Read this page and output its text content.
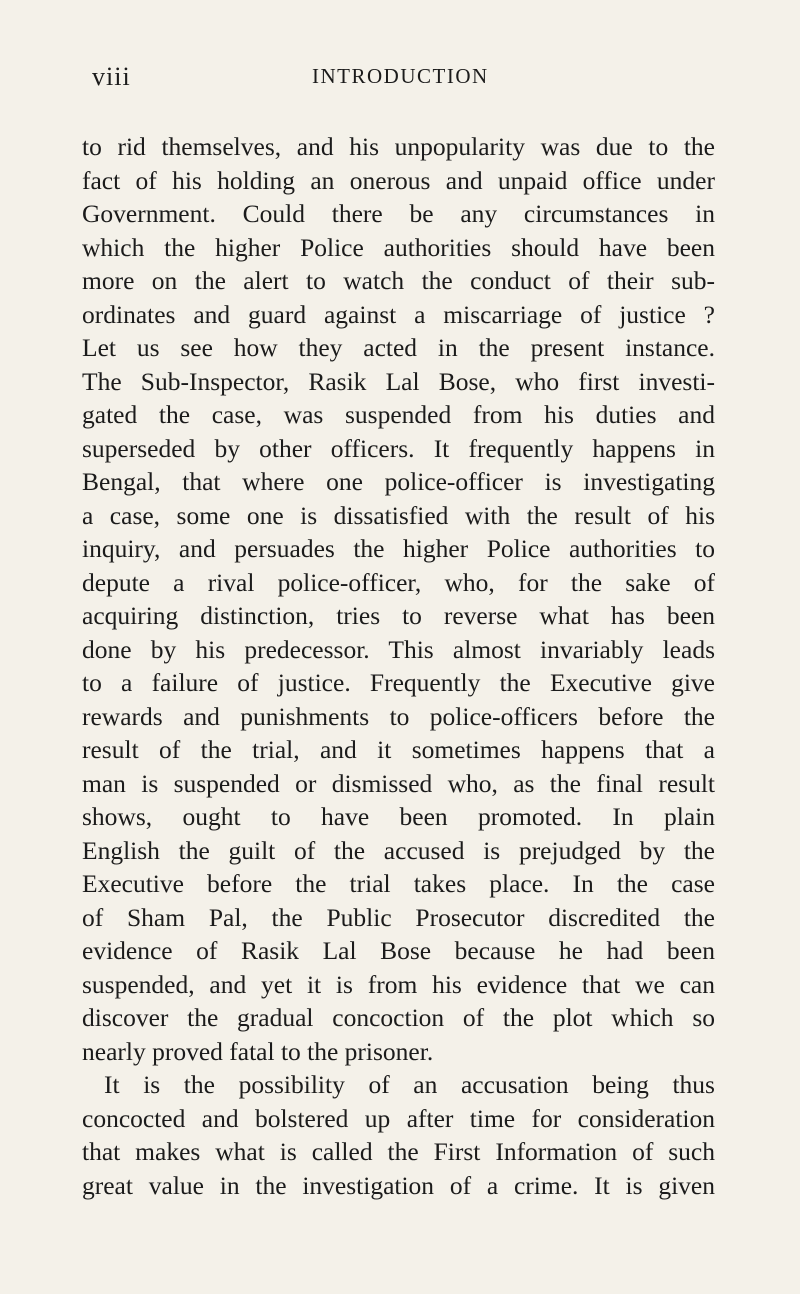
viii	INTRODUCTION
to rid themselves, and his unpopularity was due to the
fact of his holding an onerous and unpaid office under
Government. Could there be any circumstances in
which the higher Police authorities should have been
more on the alert to watch the conduct of their sub-
ordinates and guard against a miscarriage of justice ?
Let us see how they acted in the present instance.
The Sub-Inspector, Rasik Lal Bose, who first investi-
gated the case, was suspended from his duties and
superseded by other officers. It frequently happens in
Bengal, that where one police-officer is investigating
a case, some one is dissatisfied with the result of his
inquiry, and persuades the higher Police authorities to
depute a rival police-officer, who, for the sake of
acquiring distinction, tries to reverse what has been
done by his predecessor. This almost invariably leads
to a failure of justice. Frequently the Executive give
rewards and punishments to police-officers before the
result of the trial, and it sometimes happens that a
man is suspended or dismissed who, as the final result
shows, ought to have been promoted. In plain
English the guilt of the accused is prejudged by the
Executive before the trial takes place. In the case
of Sham Pal, the Public Prosecutor discredited the
evidence of Rasik Lal Bose because he had been
suspended, and yet it is from his evidence that we can
discover the gradual concoction of the plot which so
nearly proved fatal to the prisoner.
It is the possibility of an accusation being thus
concocted and bolstered up after time for consideration
that makes what is called the First Information of such
great value in the investigation of a crime. It is given
